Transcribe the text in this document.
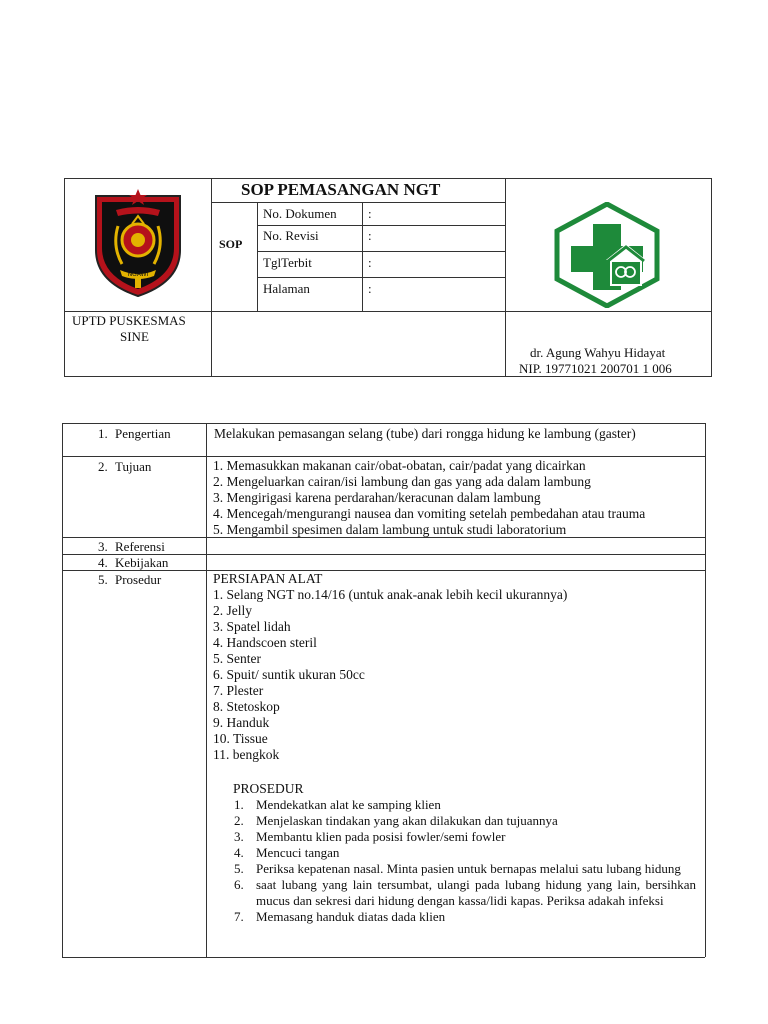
NGAWI
SOP PEMASANGAN NGT
SOP
No. Dokumen :
No. Revisi	:
TglTerbit	:
Halaman	:
UPTD PUSKESMAS
SINE
dr. Agung Wahyu Hidayat
NIP. 19771021 200701 1 006
1. Pengertian	Melakukan pemasangan selang (tube) dari rongga hidung ke lambung (gaster)
2. Tujuan	1. Memasukkan makanan cair/obat-obatan, cair/padat yang dicairkan
2. Mengeluarkan cairan/isi lambung dan gas yang ada dalam lambung
3. Mengirigasi karena perdarahan/keracunan dalam lambung
4. Mencegah/mengurangi nausea dan vomiting setelah pembedahan atau trauma
5. Mengambil spesimen dalam lambung untuk studi laboratorium
3. Referensi
4. Kebijakan
5. Prosedur	PERSIAPAN ALAT
1. Selang NGT no.14/16 (untuk anak-anak lebih kecil ukurannya)
2. Jelly
3. Spatel lidah
4. Handscoen steril
5. Senter
6. Spuit/ suntik ukuran 50cc
7. Plester
8. Stetoskop
9. Handuk
10. Tissue
11. bengkok
PROSEDUR
1. Mendekatkan alat ke samping klien
2. Menjelaskan tindakan yang akan dilakukan dan tujuannya
3. Membantu klien pada posisi fowler/semi fowler
4. Mencuci tangan
5. Periksa kepatenan nasal. Minta pasien untuk bernapas melalui satu lubang hidung
6. saat lubang yang lain tersumbat, ulangi pada lubang hidung yang lain, bersihkan mucus dan sekresi dari hidung dengan kassa/lidi kapas. Periksa adakah infeksi
7. Memasang handuk diatas dada klien
